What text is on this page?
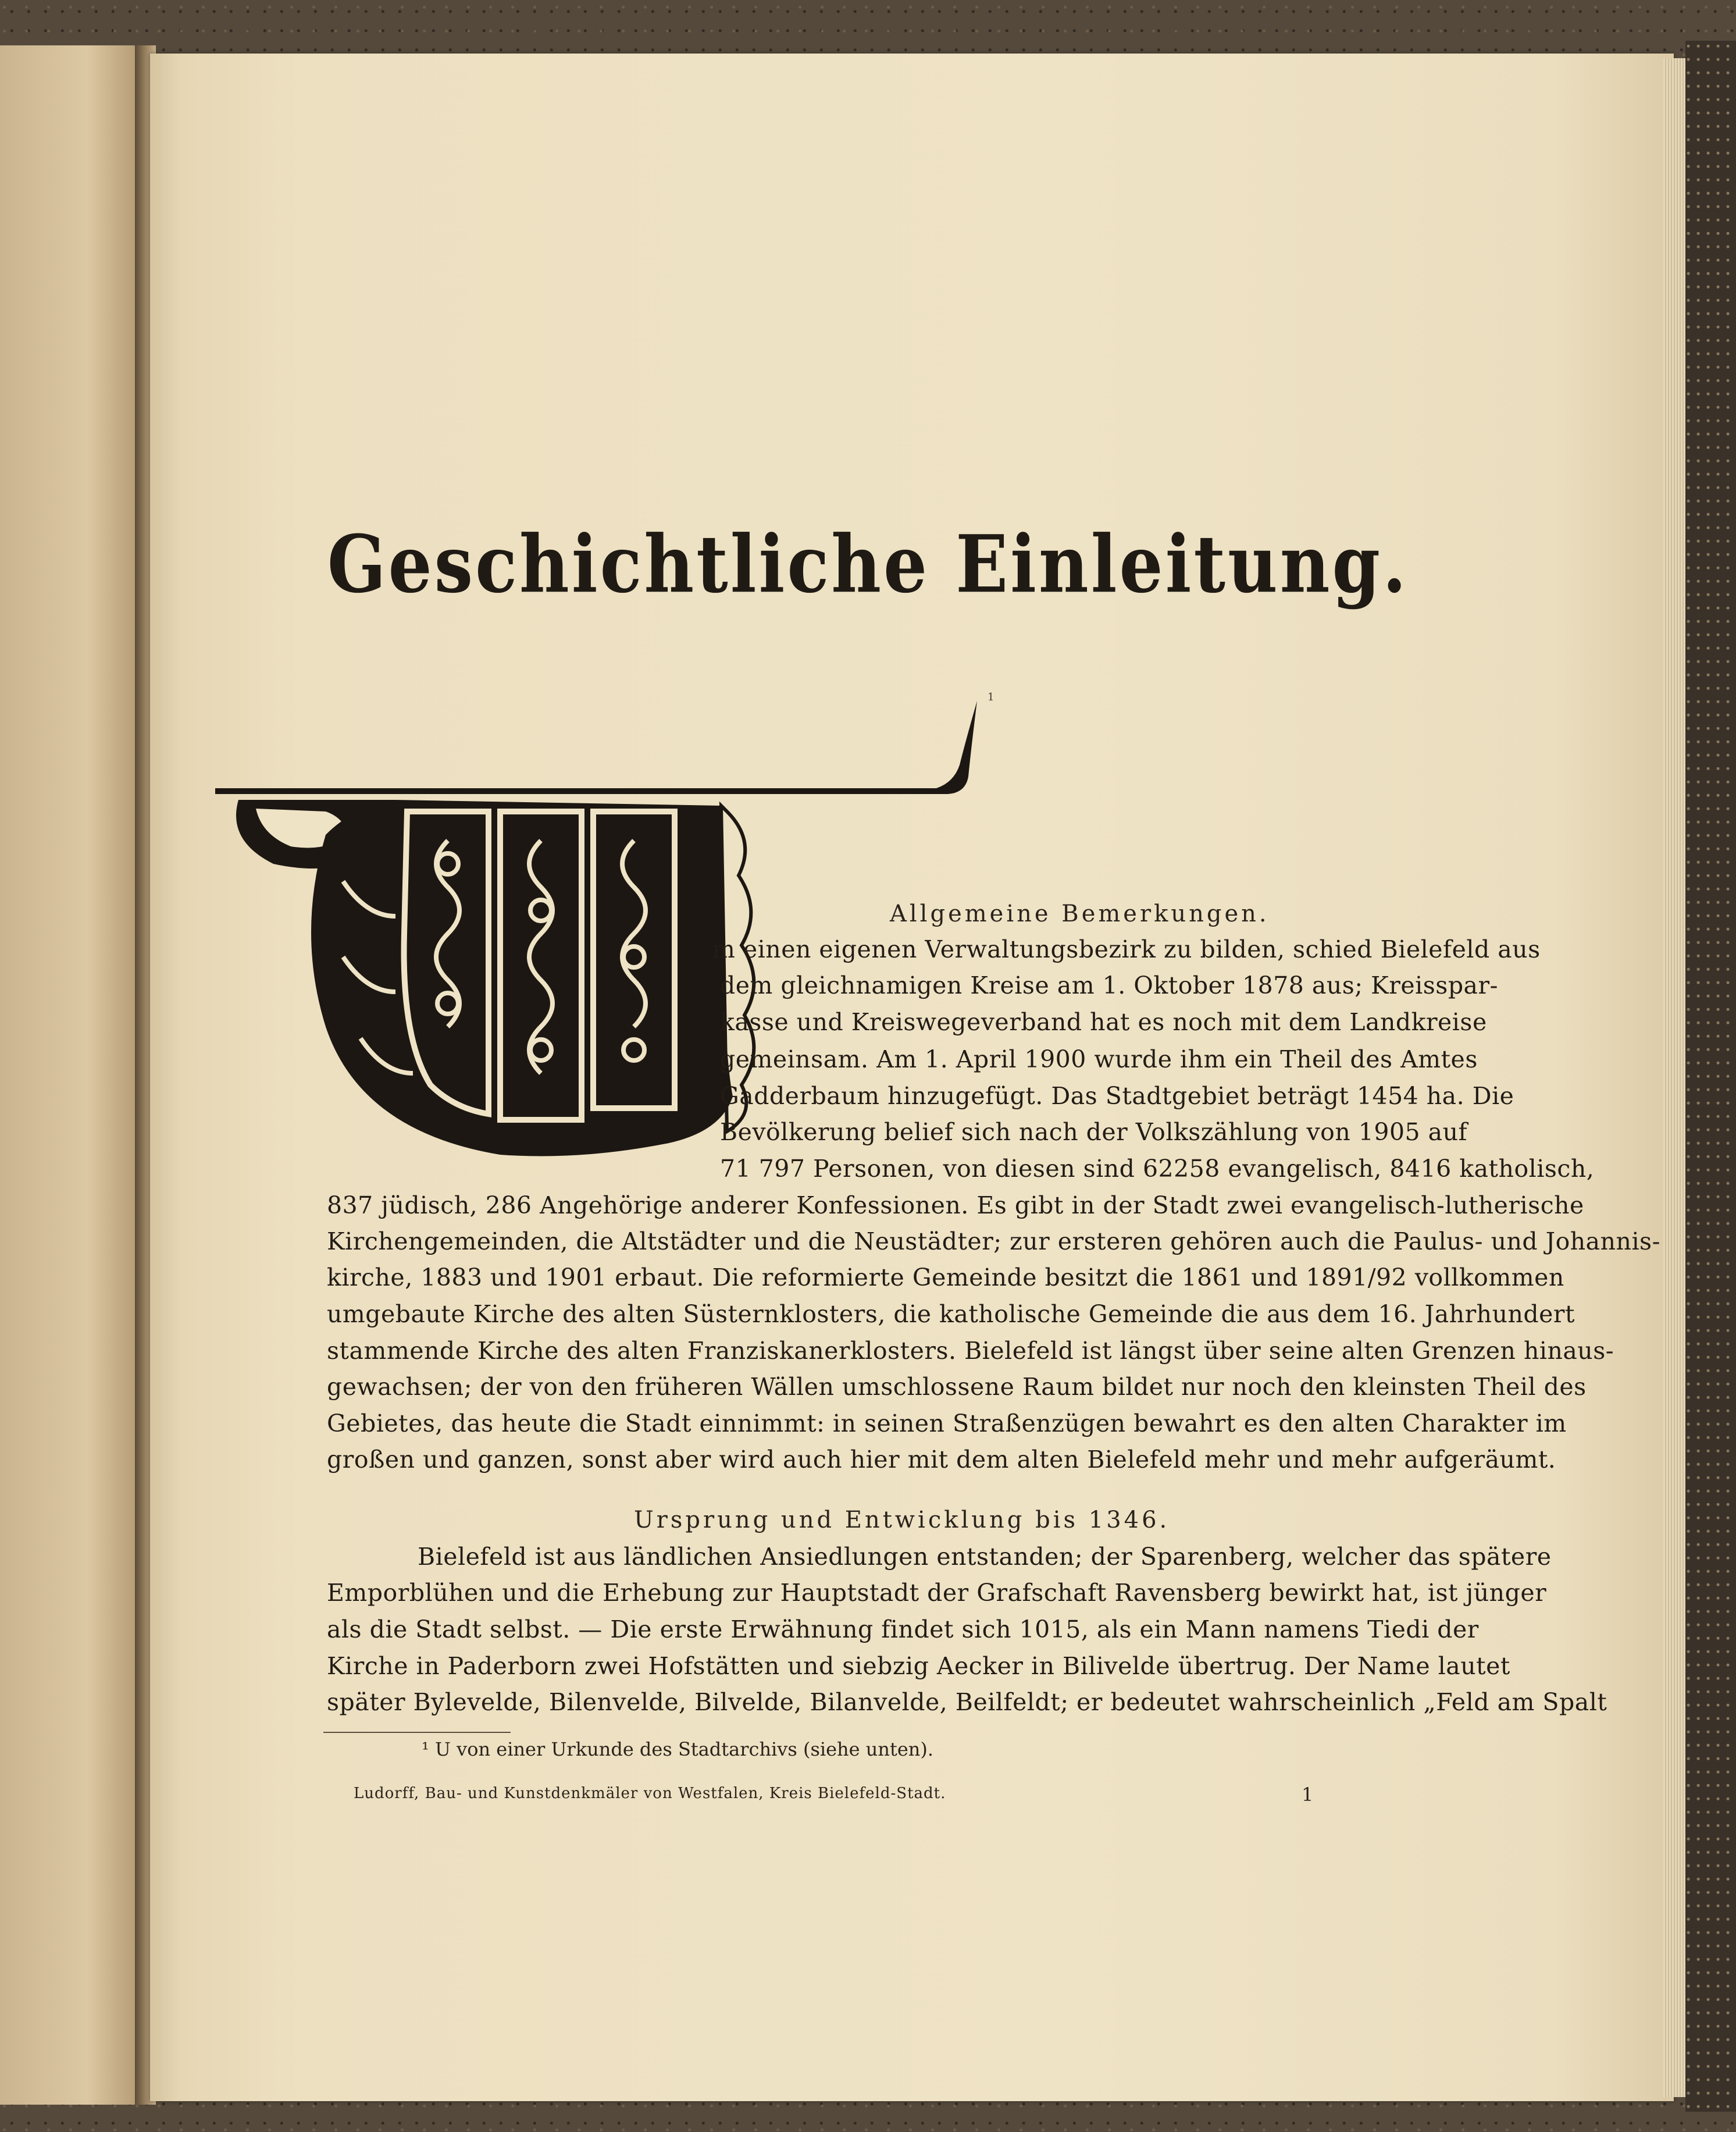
Geschichtliche Einleitung.
1
Allgemeine Bemerkungen.
m einen eigenen Verwaltungsbezirk zu bilden, schied Bielefeld aus
dem gleichnamigen Kreise am 1. Oktober 1878 aus; Kreisspar-
kasse und Kreiswegeverband hat es noch mit dem Landkreise
gemeinsam. Am 1. April 1900 wurde ihm ein Theil des Amtes
Gadderbaum hinzugefügt. Das Stadtgebiet beträgt 1454 ha. Die
Bevölkerung belief sich nach der Volkszählung von 1905 auf
71 797 Personen, von diesen sind 62258 evangelisch, 8416 katholisch,
837 jüdisch, 286 Angehörige anderer Konfessionen. Es gibt in der Stadt zwei evangelisch-lutherische
Kirchengemeinden, die Altstädter und die Neustädter; zur ersteren gehören auch die Paulus- und Johannis-
kirche, 1883 und 1901 erbaut. Die reformierte Gemeinde besitzt die 1861 und 1891/92 vollkommen
umgebaute Kirche des alten Süsternklosters, die katholische Gemeinde die aus dem 16. Jahrhundert
stammende Kirche des alten Franziskanerklosters. Bielefeld ist längst über seine alten Grenzen hinaus-
gewachsen; der von den früheren Wällen umschlossene Raum bildet nur noch den kleinsten Theil des
Gebietes, das heute die Stadt einnimmt: in seinen Straßenzügen bewahrt es den alten Charakter im
großen und ganzen, sonst aber wird auch hier mit dem alten Bielefeld mehr und mehr aufgeräumt.
Ursprung und Entwicklung bis 1346.
Bielefeld ist aus ländlichen Ansiedlungen entstanden; der Sparenberg, welcher das spätere
Emporblühen und die Erhebung zur Hauptstadt der Grafschaft Ravensberg bewirkt hat, ist jünger
als die Stadt selbst. — Die erste Erwähnung findet sich 1015, als ein Mann namens Tiedi der
Kirche in Paderborn zwei Hofstätten und siebzig Aecker in Bilivelde übertrug. Der Name lautet
später Bylevelde, Bilenvelde, Bilvelde, Bilanvelde, Beilfeldt; er bedeutet wahrscheinlich „Feld am Spalt
¹ U von einer Urkunde des Stadtarchivs (siehe unten).
Ludorff, Bau- und Kunstdenkmäler von Westfalen, Kreis Bielefeld-Stadt.	1
